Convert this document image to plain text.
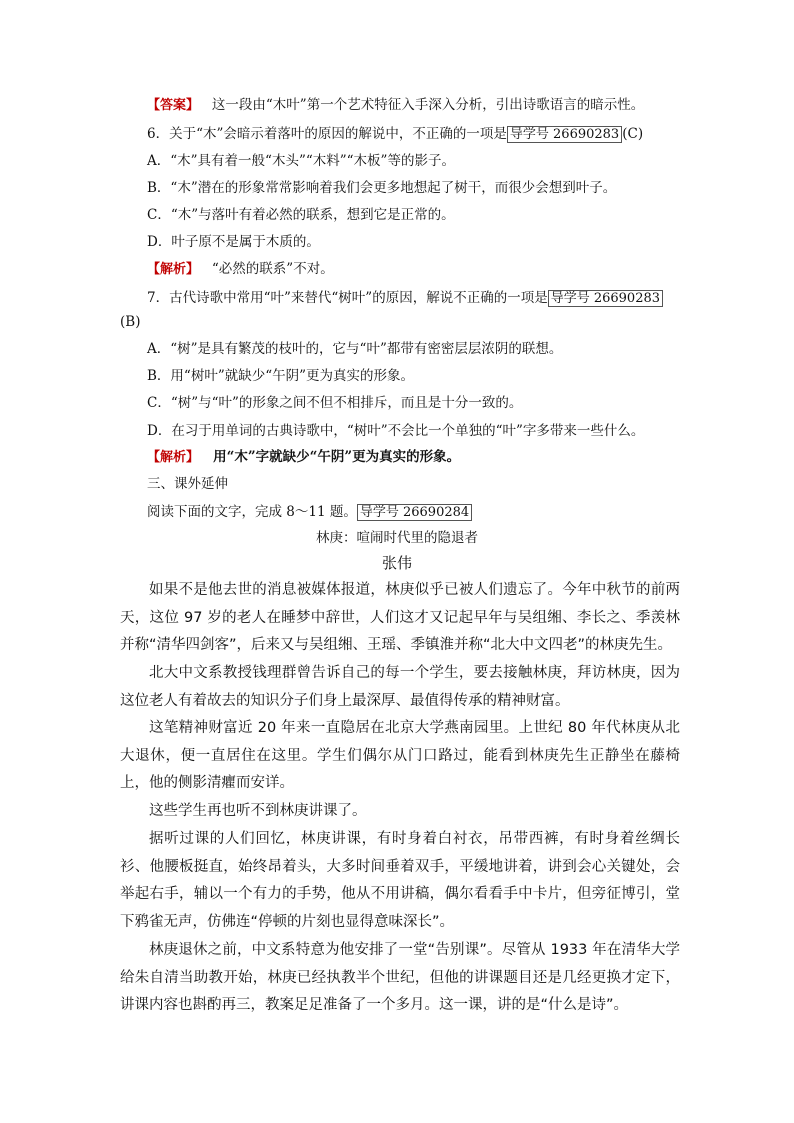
【答案】 这一段由“木叶”第一个艺术特征入手深入分析，引出诗歌语言的暗示性。
6．关于“木”会暗示着落叶的原因的解说中，不正确的一项是 导学号 26690283 (C)
A．“木”具有着一般“木头”“木料”“木板”等的影子。
B．“木”潜在的形象常常影响着我们会更多地想起了树干，而很少会想到叶子。
C．“木”与落叶有着必然的联系，想到它是正常的。
D．叶子原不是属于木质的。
【解析】 “必然的联系”不对。
7．古代诗歌中常用“叶”来替代“树叶”的原因，解说不正确的一项是 导学号 26690283
(B)
A．“树”是具有繁茂的枝叶的，它与“叶”都带有密密层层浓阴的联想。
B．用“树叶”就缺少“午阴”更为真实的形象。
C．“树”与“叶”的形象之间不但不相排斥，而且是十分一致的。
D．在习于用单词的古典诗歌中，“树叶”不会比一个单独的“叶”字多带来一些什么。
【解析】 用“木”字就缺少“午阴”更为真实的形象。
三、课外延伸
阅读下面的文字，完成 8～11 题。 导学号 26690284
林庚：喧闹时代里的隐退者
张伟
如果不是他去世的消息被媒体报道，林庚似乎已被人们遗忘了。今年中秋节的前两天，这位 97 岁的老人在睡梦中辞世，人们这才又记起早年与吴组缃、李长之、季羡林并称“清华四剑客”，后来又与吴组缃、王瑶、季镇淮并称“北大中文四老”的林庚先生。
北大中文系教授钱理群曾告诉自己的每一个学生，要去接触林庚，拜访林庚，因为这位老人有着故去的知识分子们身上最深厚、最值得传承的精神财富。
这笔精神财富近 20 年来一直隐居在北京大学燕南园里。上世纪 80 年代林庚从北大退休，便一直居住在这里。学生们偶尔从门口路过，能看到林庚先生正静坐在藤椅上，他的侧影清癯而安详。
这些学生再也听不到林庚讲课了。
据听过课的人们回忆，林庚讲课，有时身着白衬衣，吊带西裤，有时身着丝绸长衫、他腰板挺直，始终昂着头，大多时间垂着双手，平缓地讲着，讲到会心关键处，会举起右手，辅以一个有力的手势，他从不用讲稿，偶尔看看手中卡片，但旁征博引，堂下鸦雀无声，仿佛连“停顿的片刻也显得意味深长”。
林庚退休之前，中文系特意为他安排了一堂“告别课”。尽管从 1933 年在清华大学给朱自清当助教开始，林庚已经执教半个世纪，但他的讲课题目还是几经更换才定下，讲课内容也斟酌再三，教案足足准备了一个多月。这一课，讲的是“什么是诗”。
